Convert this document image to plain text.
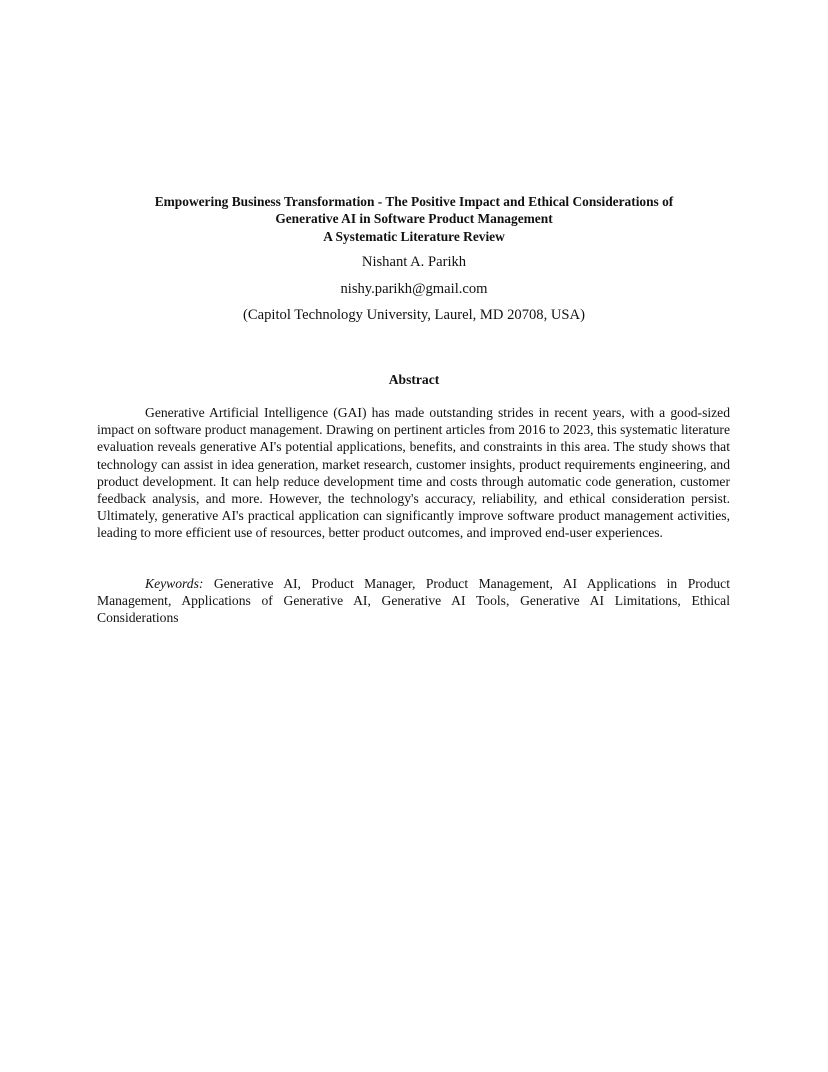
Empowering Business Transformation - The Positive Impact and Ethical Considerations of
Generative AI in Software Product Management
A Systematic Literature Review
Nishant A. Parikh
nishy.parikh@gmail.com
(Capitol Technology University, Laurel, MD 20708, USA)
Abstract
Generative Artificial Intelligence (GAI) has made outstanding strides in recent years, with a good-sized impact on software product management. Drawing on pertinent articles from 2016 to 2023, this systematic literature evaluation reveals generative AI's potential applications, benefits, and constraints in this area. The study shows that technology can assist in idea generation, market research, customer insights, product requirements engineering, and product development. It can help reduce development time and costs through automatic code generation, customer feedback analysis, and more. However, the technology's accuracy, reliability, and ethical consideration persist. Ultimately, generative AI's practical application can significantly improve software product management activities, leading to more efficient use of resources, better product outcomes, and improved end-user experiences.
Keywords: Generative AI, Product Manager, Product Management, AI Applications in Product Management, Applications of Generative AI, Generative AI Tools, Generative AI Limitations, Ethical Considerations
